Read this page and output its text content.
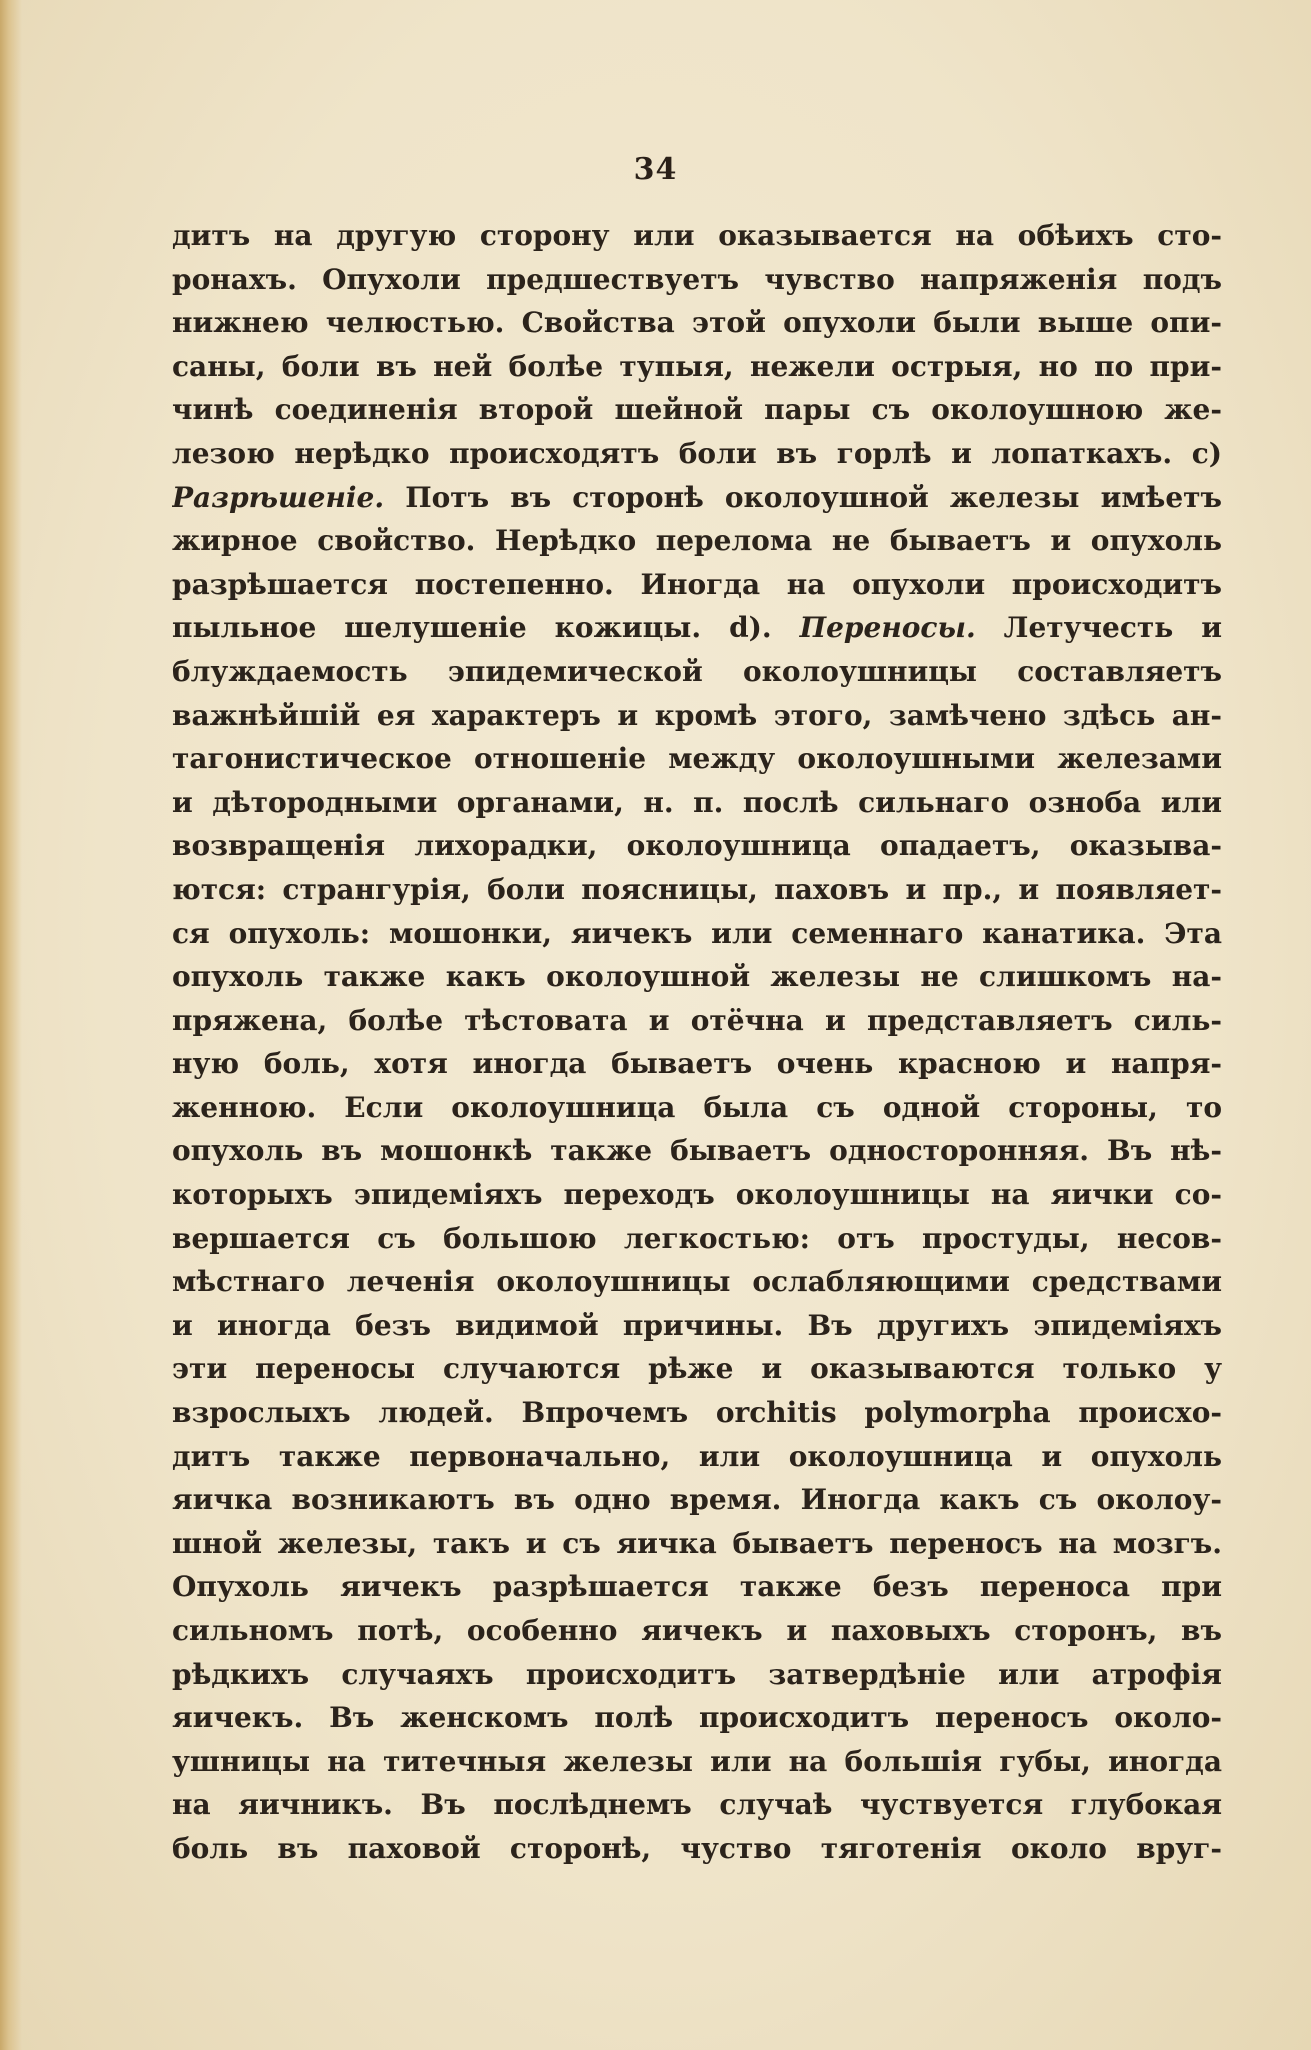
34
дитъ на другую сторону или оказывается на обѣихъ сто-
ронахъ. Опухоли предшествуетъ чувство напряженія подъ
нижнею челюстью. Свойства этой опухоли были выше опи-
саны, боли въ ней болѣе тупыя, нежели острыя, но по при-
чинѣ соединенія второй шейной пары съ околоушною же-
лезою нерѣдко происходятъ боли въ горлѣ и лопаткахъ. c)
Разрѣшеніе. Потъ въ сторонѣ околоушной железы имѣетъ
жирное свойство. Нерѣдко перелома не бываетъ и опухоль
разрѣшается постепенно. Иногда на опухоли происходитъ
пыльное шелушеніе кожицы. d). Переносы. Летучесть и
блуждаемость эпидемической околоушницы составляетъ
важнѣйшій ея характеръ и кромѣ этого, замѣчено здѣсь ан-
тагонистическое отношеніе между околоушными железами
и дѣтородными органами, н. п. послѣ сильнаго озноба или
возвращенія лихорадки, околоушница опадаетъ, оказыва-
ются: странгурія, боли поясницы, паховъ и пр., и появляет-
ся опухоль: мошонки, яичекъ или семеннаго канатика. Эта
опухоль также какъ околоушной железы не слишкомъ на-
пряжена, болѣе тѣстовата и отёчна и представляетъ силь-
ную боль, хотя иногда бываетъ очень красною и напря-
женною. Если околоушница была съ одной стороны, то
опухоль въ мошонкѣ также бываетъ односторонняя. Въ нѣ-
которыхъ эпидеміяхъ переходъ околоушницы на яички со-
вершается съ большою легкостью: отъ простуды, несов-
мѣстнаго леченія околоушницы ослабляющими средствами
и иногда безъ видимой причины. Въ другихъ эпидеміяхъ
эти переносы случаются рѣже и оказываются только у
взрослыхъ людей. Впрочемъ orchitis polymorpha происхо-
дитъ также первоначально, или околоушница и опухоль
яичка возникаютъ въ одно время. Иногда какъ съ околоу-
шной железы, такъ и съ яичка бываетъ переносъ на мозгъ.
Опухоль яичекъ разрѣшается также безъ переноса при
сильномъ потѣ, особенно яичекъ и паховыхъ сторонъ, въ
рѣдкихъ случаяхъ происходитъ затвердѣніе или атрофія
яичекъ. Въ женскомъ полѣ происходитъ переносъ около-
ушницы на титечныя железы или на большія губы, иногда
на яичникъ. Въ послѣднемъ случаѣ чуствуется глубокая
боль въ паховой сторонѣ, чуство тяготенія около вруг-
